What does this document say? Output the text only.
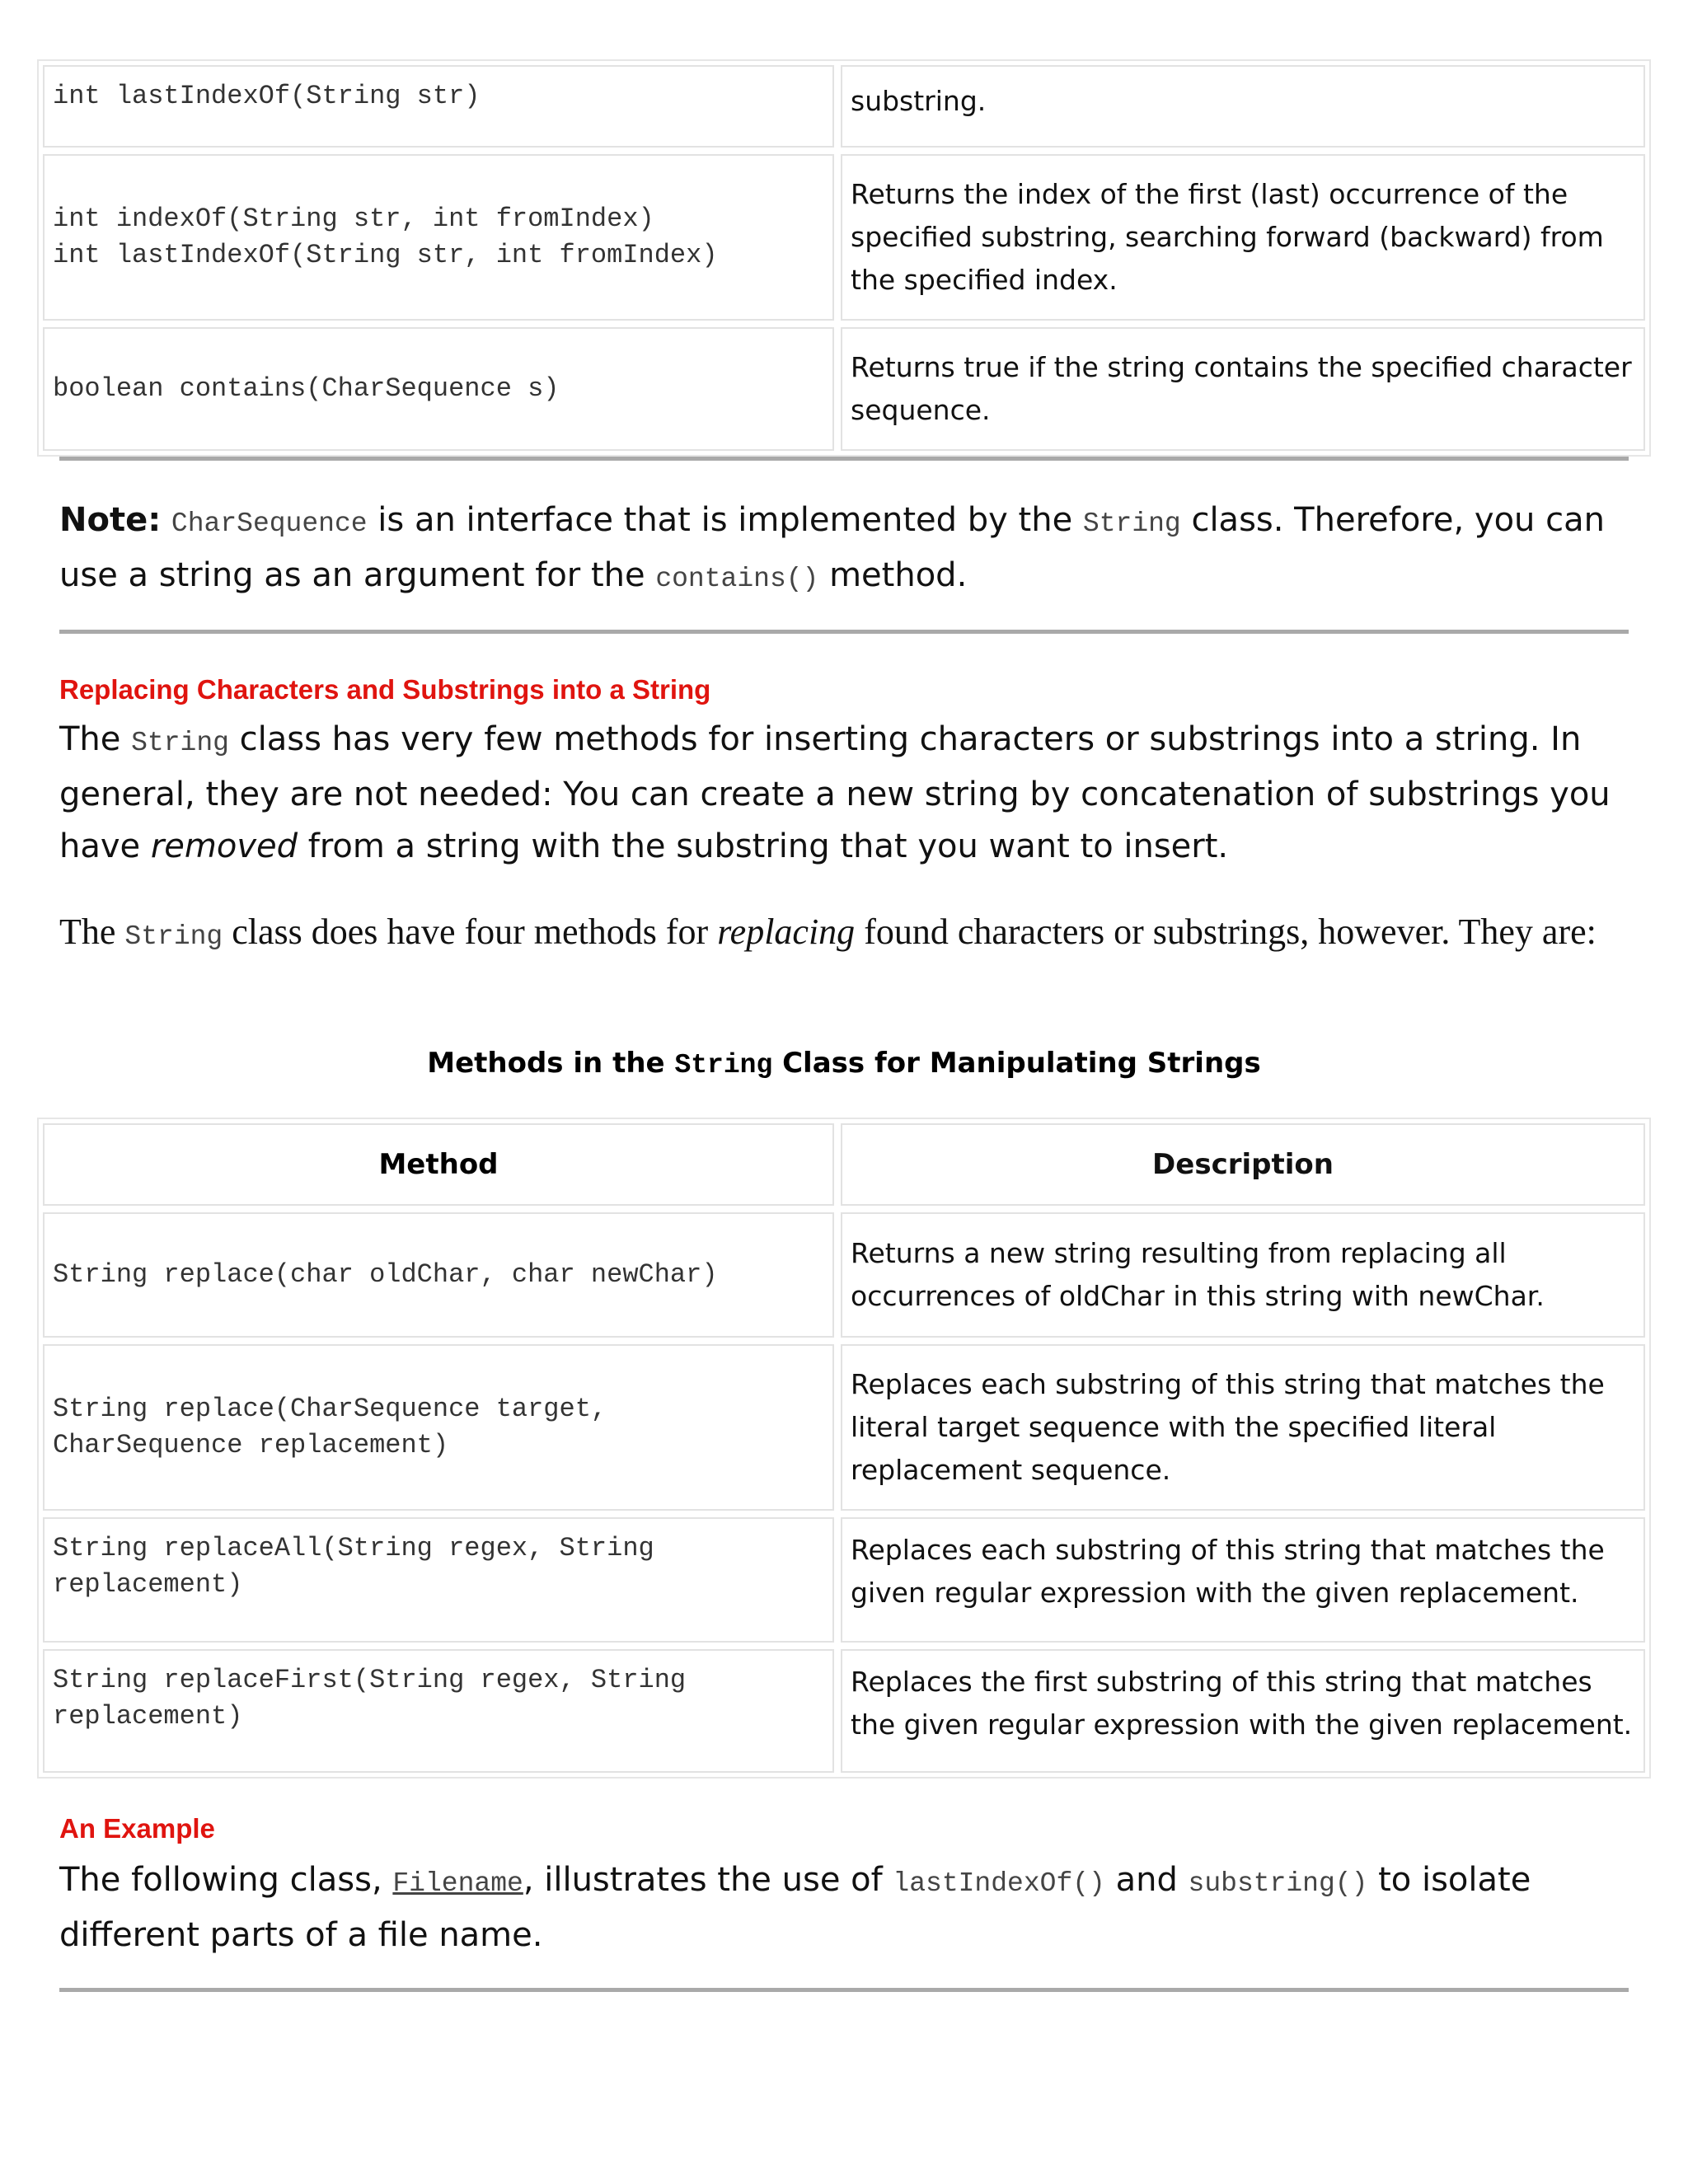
int lastIndexOf(String str)	substring.
int indexOf(String str, int fromIndex)
int lastIndexOf(String str, int fromIndex)
Returns the index of the first (last) occurrence of the specified substring, searching forward (backward) from the specified index.
boolean contains(CharSequence s)
Returns true if the string contains the specified character sequence.
Note: CharSequence is an interface that is implemented by the String class. Therefore, you can use a string as an argument for the contains() method.
Replacing Characters and Substrings into a String
The String class has very few methods for inserting characters or substrings into a string. In general, they are not needed: You can create a new string by concatenation of substrings you have removed from a string with the substring that you want to insert.
The String class does have four methods for replacing found characters or substrings, however. They are:
Methods in the String Class for Manipulating Strings
Method	Description
String replace(char oldChar, char newChar)
Returns a new string resulting from replacing all occurrences of oldChar in this string with newChar.
String replace(CharSequence target,
CharSequence replacement)
Replaces each substring of this string that matches the literal target sequence with the specified literal replacement sequence.
String replaceAll(String regex, String
replacement)
Replaces each substring of this string that matches the given regular expression with the given replacement.
String replaceFirst(String regex, String
replacement)
Replaces the first substring of this string that matches the given regular expression with the given replacement.
An Example
The following class, Filename, illustrates the use of lastIndexOf() and substring() to isolate different parts of a file name.
